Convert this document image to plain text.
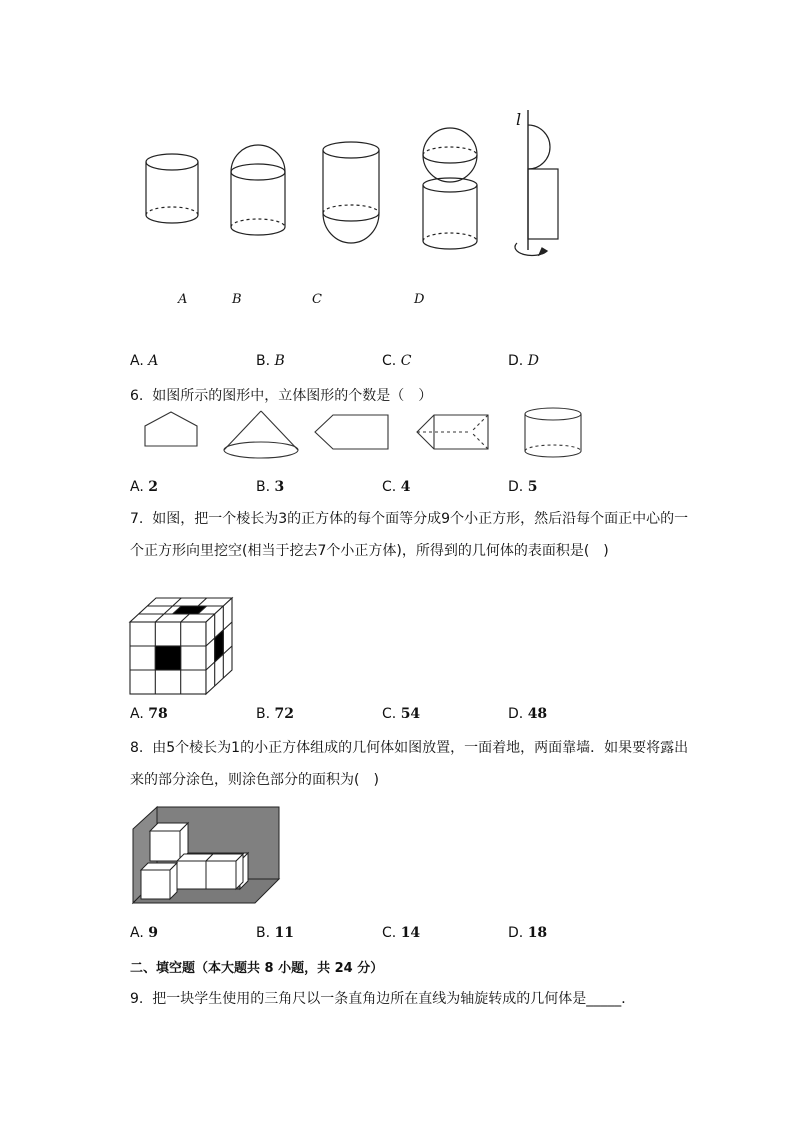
l
A	B	C	D
A. A	B. B	C. C	D. D
6. 如图所示的图形中，立体图形的个数是（　）
A. 2	B. 3	C. 4	D. 5
7. 如图，把一个棱长为3的正方体的每个面等分成9个小正方形，然后沿每个面正中心的一
个正方形向里挖空(相当于挖去7个小正方体)，所得到的几何体的表面积是(　)
A. 78	B. 72	C. 54	D. 48
8. 由5个棱长为1的小正方体组成的几何体如图放置，一面着地，两面靠墙．如果要将露出
来的部分涂色，则涂色部分的面积为(　)
A. 9	B. 11	C. 14	D. 18
二、填空题（本大题共 8 小题，共 24 分）
9. 把一块学生使用的三角尺以一条直角边所在直线为轴旋转成的几何体是_____．
